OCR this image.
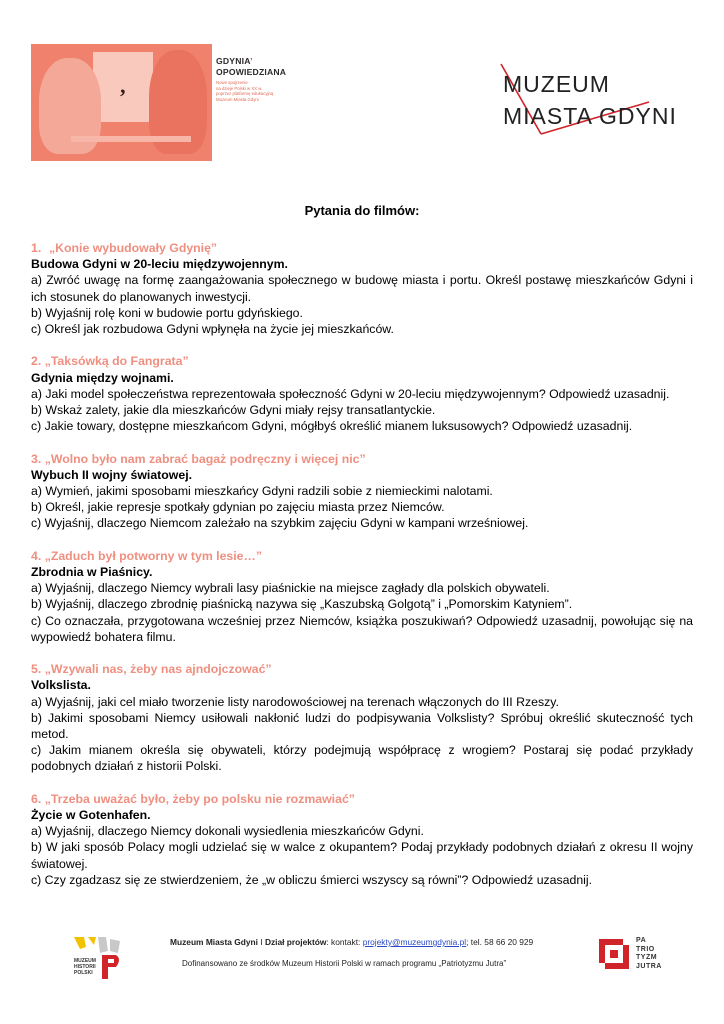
’
GDYNIA’
OPOWIEDZIANA
Nowe spojrzenie
na dzieje Polski w XX w.
poprzez platformę edukacyjną
Muzeum Miasta Gdyni
MUZEUM
MIASTA GDYNI
Pytania do filmów:
1. „Konie wybudowały Gdynię”
Budowa Gdyni w 20-leciu międzywojennym.
a) Zwróć uwagę na formę zaangażowania społecznego w budowę miasta i portu. Określ postawę mieszkańców Gdyni i ich stosunek do planowanych inwestycji.
b) Wyjaśnij rolę koni w budowie portu gdyńskiego.
c) Określ jak rozbudowa Gdyni wpłynęła na życie jej mieszkańców.
2. „Taksówką do Fangrata”
Gdynia między wojnami.
a) Jaki model społeczeństwa reprezentowała społeczność Gdyni w 20-leciu międzywojennym? Odpowiedź uzasadnij.
b) Wskaż zalety, jakie dla mieszkańców Gdyni miały rejsy transatlantyckie.
c) Jakie towary, dostępne mieszkańcom Gdyni, mógłbyś określić mianem luksusowych? Odpowiedź uzasadnij.
3. „Wolno było nam zabrać bagaż podręczny i więcej nic”
Wybuch II wojny światowej.
a) Wymień, jakimi sposobami mieszkańcy Gdyni radzili sobie z niemieckimi nalotami.
b) Określ, jakie represje spotkały gdynian po zajęciu miasta przez Niemców.
c) Wyjaśnij, dlaczego Niemcom zależało na szybkim zajęciu Gdyni w kampani wrześniowej.
4. „Zaduch był potworny w tym lesie…”
Zbrodnia w Piaśnicy.
a) Wyjaśnij, dlaczego Niemcy wybrali lasy piaśnickie na miejsce zagłady dla polskich obywateli.
b) Wyjaśnij, dlaczego zbrodnię piaśnicką nazywa się „Kaszubską Golgotą” i „Pomorskim Katyniem”.
c) Co oznaczała, przygotowana wcześniej przez Niemców, książka poszukiwań? Odpowiedź uzasadnij, powołując się na wypowiedź bohatera filmu.
5. „Wzywali nas, żeby nas ajndojczować”
Volkslista.
a) Wyjaśnij, jaki cel miało tworzenie listy narodowościowej na terenach włączonych do III Rzeszy.
b) Jakimi sposobami Niemcy usiłowali nakłonić ludzi do podpisywania Volkslisty? Spróbuj określić skuteczność tych metod.
c) Jakim mianem określa się obywateli, którzy podejmują współpracę z wrogiem? Postaraj się podać przykłady podobnych działań z historii Polski.
6. „Trzeba uważać było, żeby po polsku nie rozmawiać”
Życie w Gotenhafen.
a) Wyjaśnij, dlaczego Niemcy dokonali wysiedlenia mieszkańców Gdyni.
b) W jaki sposób Polacy mogli udzielać się w walce z okupantem? Podaj przykłady podobnych działań z okresu II wojny światowej.
c) Czy zgadzasz się ze stwierdzeniem, że „w obliczu śmierci wszyscy są równi”? Odpowiedź uzasadnij.
MUZEUM
HISTORII
POLSKI
Muzeum Miasta Gdyni I Dział projektów: kontakt: projekty@muzeumgdynia.pl; tel. 58 66 20 929
Dofinansowano ze środków Muzeum Historii Polski w ramach programu „Patriotyzmu Jutra”
PA
TRIO
TYZM
JUTRA
